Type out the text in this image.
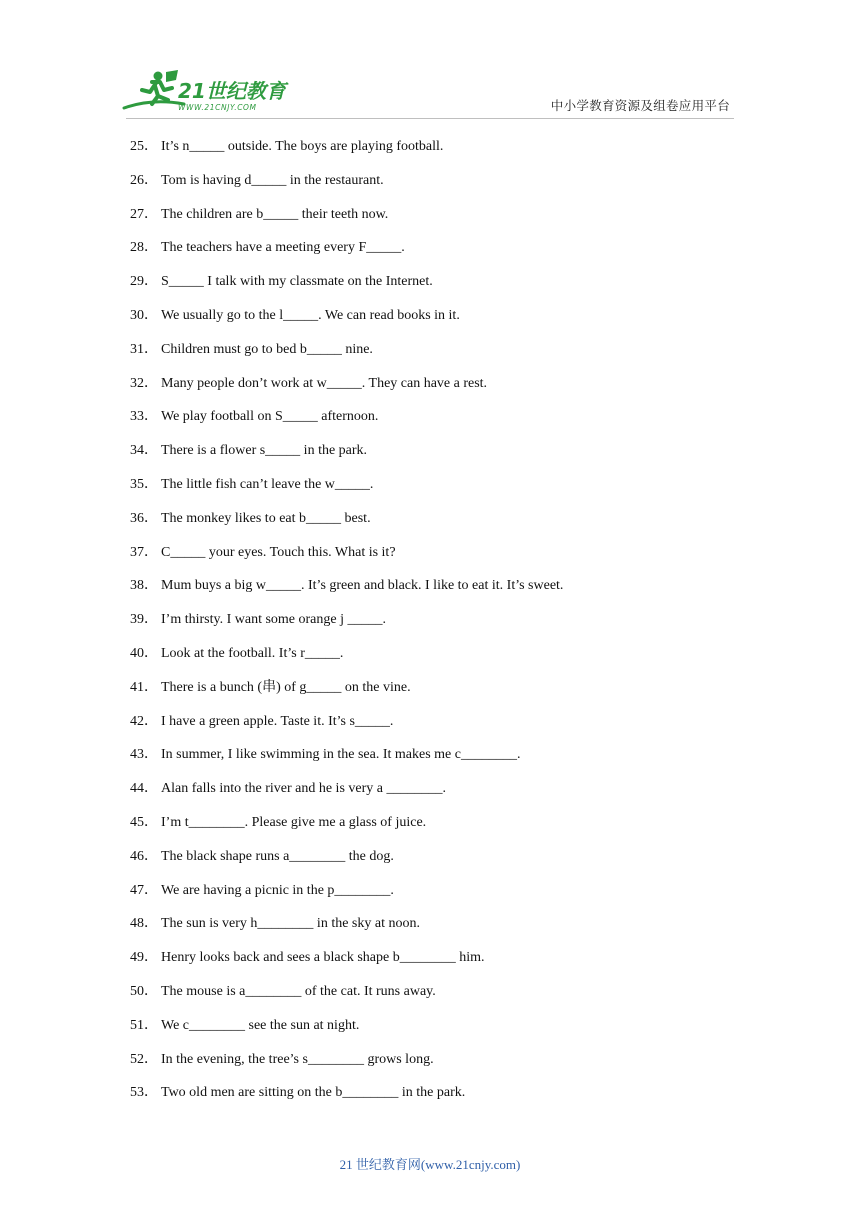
21世纪教育
WWW.21CNJY.COM	中小学教育资源及组卷应用平台
25． It’s n_____ outside. The boys are playing football.
26． Tom is having d_____ in the restaurant.
27． The children are b_____ their teeth now.
28． The teachers have a meeting every F_____.
29． S_____ I talk with my classmate on the Internet.
30． We usually go to the l_____. We can read books in it.
31． Children must go to bed b_____ nine.
32． Many people don’t work at w_____. They can have a rest.
33． We play football on S_____ afternoon.
34． There is a flower s_____ in the park.
35． The little fish can’t leave the w_____.
36． The monkey likes to eat b_____ best.
37． C_____ your eyes. Touch this. What is it?
38． Mum buys a big w_____. It’s green and black. I like to eat it. It’s sweet.
39． I’m thirsty. I want some orange j _____.
40． Look at the football. It’s r_____.
41． There is a bunch (串) of g_____ on the vine.
42． I have a green apple. Taste it. It’s s_____.
43． In summer, I like swimming in the sea. It makes me c________.
44． Alan falls into the river and he is very a ________.
45． I’m t________. Please give me a glass of juice.
46． The black shape runs a________ the dog.
47． We are having a picnic in the p________.
48． The sun is very h________ in the sky at noon.
49． Henry looks back and sees a black shape b________ him.
50． The mouse is a________ of the cat. It runs away.
51． We c________ see the sun at night.
52． In the evening, the tree’s s________ grows long.
53． Two old men are sitting on the b________ in the park.
21 世纪教育网(www.21cnjy.com)
